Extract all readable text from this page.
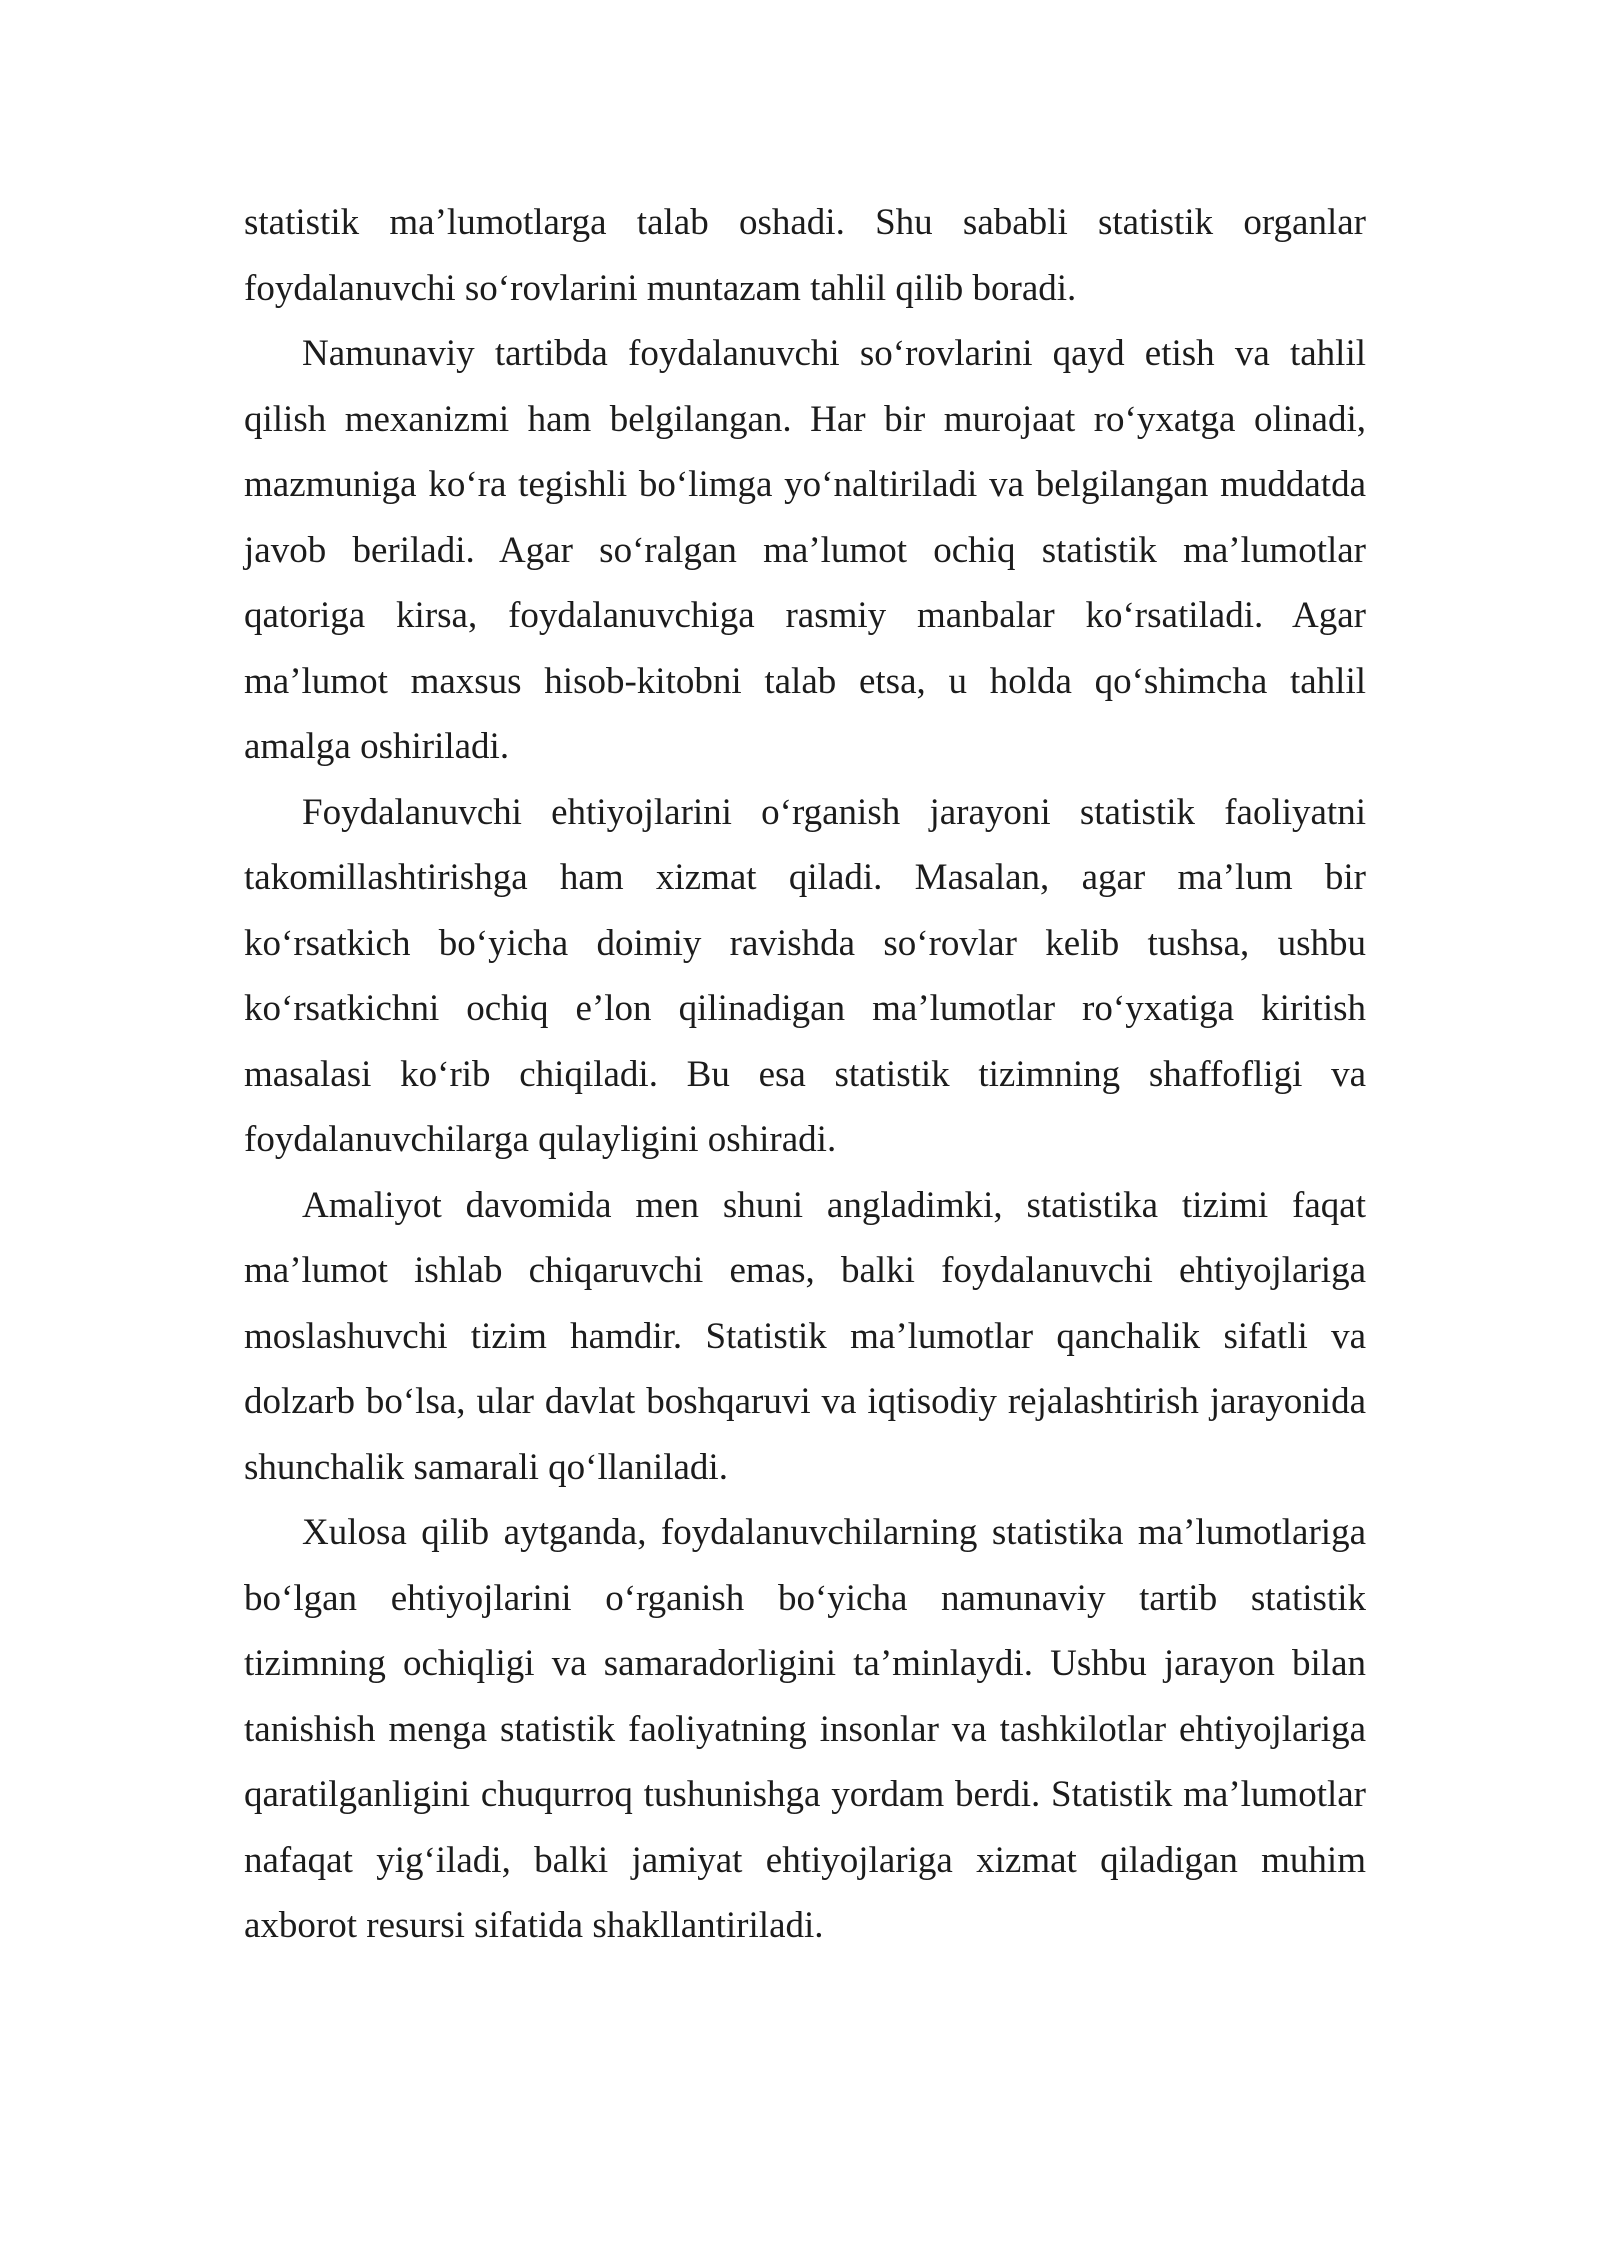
statistik ma’lumotlarga talab oshadi. Shu sababli statistik organlar foydalanuvchi so‘rovlarini muntazam tahlil qilib boradi.

Namunaviy tartibda foydalanuvchi so‘rovlarini qayd etish va tahlil qilish mexanizmi ham belgilangan. Har bir murojaat ro‘yxatga olinadi, mazmuniga ko‘ra tegishli bo‘limga yo‘naltiriladi va belgilangan muddatda javob beriladi. Agar so‘ralgan ma’lumot ochiq statistik ma’lumotlar qatoriga kirsa, foydalanuvchiga rasmiy manbalar ko‘rsatiladi. Agar ma’lumot maxsus hisob-kitobni talab etsa, u holda qo‘shimcha tahlil amalga oshiriladi.

Foydalanuvchi ehtiyojlarini o‘rganish jarayoni statistik faoliyatni takomillashtirishga ham xizmat qiladi. Masalan, agar ma’lum bir ko‘rsatkich bo‘yicha doimiy ravishda so‘rovlar kelib tushsa, ushbu ko‘rsatkichni ochiq e’lon qilinadigan ma’lumotlar ro‘yxatiga kiritish masalasi ko‘rib chiqiladi. Bu esa statistik tizimning shaffofligi va foydalanuvchilarga qulayligini oshiradi.

Amaliyot davomida men shuni angladimki, statistika tizimi faqat ma’lumot ishlab chiqaruvchi emas, balki foydalanuvchi ehtiyojlariga moslashuvchi tizim hamdir. Statistik ma’lumotlar qanchalik sifatli va dolzarb bo‘lsa, ular davlat boshqaruvi va iqtisodiy rejalashtirish jarayonida shunchalik samarali qo‘llaniladi.

Xulosa qilib aytganda, foydalanuvchilarning statistika ma’lumotlariga bo‘lgan ehtiyojlarini o‘rganish bo‘yicha namunaviy tartib statistik tizimning ochiqligi va samaradorligini ta’minlaydi. Ushbu jarayon bilan tanishish menga statistik faoliyatning insonlar va tashkilotlar ehtiyojlariga qaratilganligini chuqurroq tushunishga yordam berdi. Statistik ma’lumotlar nafaqat yig‘iladi, balki jamiyat ehtiyojlariga xizmat qiladigan muhim axborot resursi sifatida shakllantiriladi.
